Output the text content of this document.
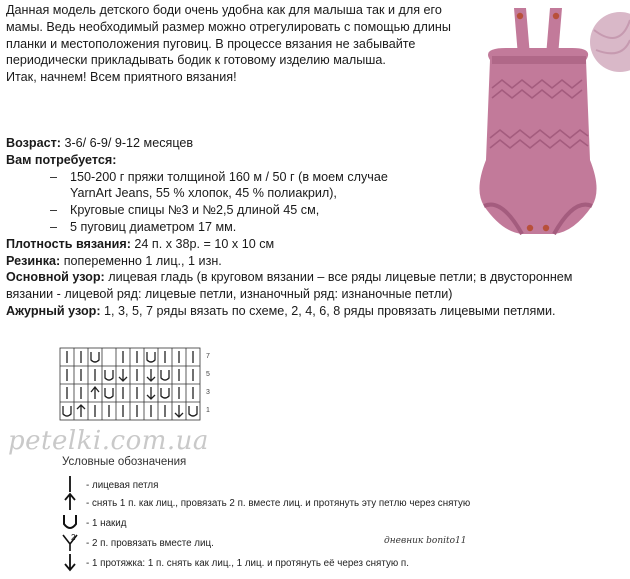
Данная модель детского боди очень удобна как для малыша так и для его мамы. Ведь необходимый размер можно отрегулировать с помощью длины планки и местоположения пуговиц. В процессе вязания не забывайте периодически прикладывать бодик к готовому изделию малыша.

Итак, начнем! Всем приятного вязания!

Возраст: 3-6/ 6-9/ 9-12 месяцев
Вам потребуется:
– 150-200 г пряжи толщиной 160 м / 50 г (в моем случае
YarnArt Jeans, 55 % хлопок, 45 % полиакрил),
– Круговые спицы №3 и №2,5 длиной 45 см,
– 5 пуговиц диаметром 17 мм.
Плотность вязания: 24 п. х 38р. = 10 х 10 см
Резинка: попеременно 1 лиц., 1 изн.
Основной узор: лицевая гладь (в круговом вязании – все ряды лицевые петли; в двустороннем
вязании - лицевой ряд: лицевые петли, изнаночный ряд: изнаночные петли)
Ажурный узор: 1, 3, 5, 7 ряды вязать по схеме, 2, 4, 6, 8 ряды провязать лицевыми петлями.
7
5
3
1
petelki.com.ua
Условные обозначения
- лицевая петля
- снять 1 п. как лиц., провязать 2 п. вместе лиц. и протянуть эту петлю через снятую
- 1 накид
2
- 2 п. провязать вместе лиц.
- 1 протяжка: 1 п. снять как лиц., 1 лиц. и протянуть её через снятую п.
дневник bonito11
